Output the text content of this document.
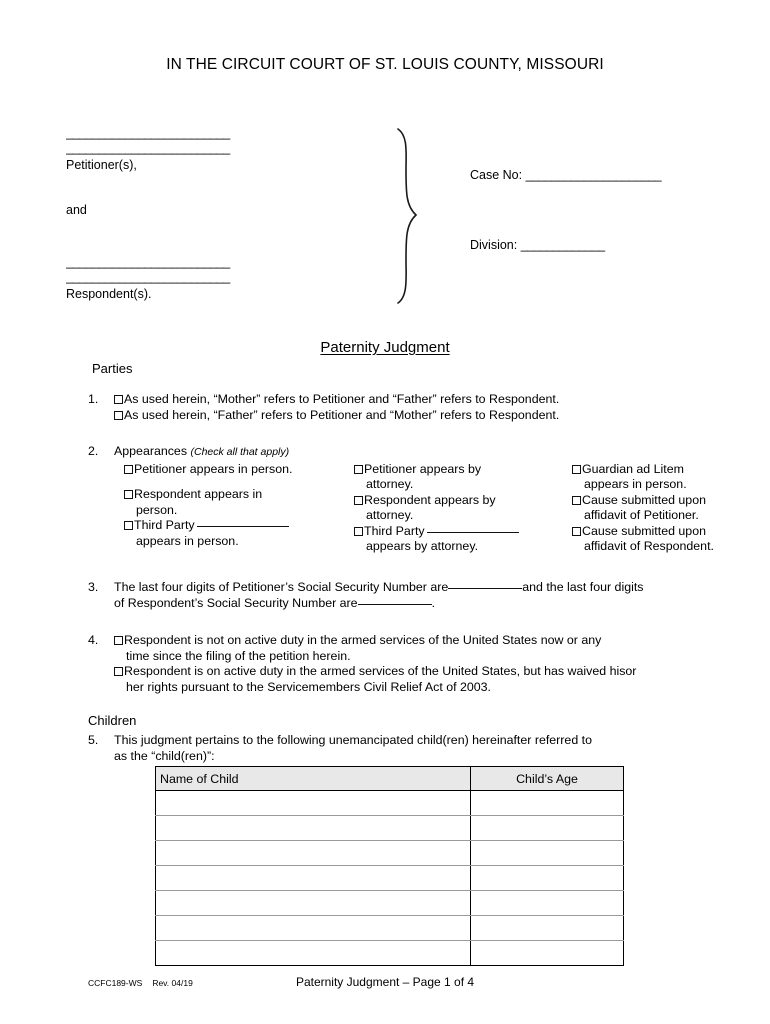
IN THE CIRCUIT COURT OF ST. LOUIS COUNTY, MISSOURI
_________________________
_________________________
Petitioner(s),
and
_________________________
_________________________
Respondent(s).
Case No: _____________________
Division: _____________
Paternity Judgment
Parties
1.	As used herein, “Mother” refers to Petitioner and “Father” refers to Respondent.
As used herein, “Father” refers to Petitioner and “Mother” refers to Respondent.
2.	Appearances (Check all that apply)
Petitioner appears in person.
Respondent appears in
person.
Third Party
appears in person.
Petitioner appears by
attorney.
Respondent appears by
attorney.
Third Party
appears by attorney.
Guardian ad Litem
appears in person.
Cause submitted upon
affidavit of Petitioner.
Cause submitted upon
affidavit of Respondent.
3.	The last four digits of Petitioner’s Social Security Number are	and the last four digits
of Respondent’s Social Security Number are	.
4.	Respondent is not on active duty in the armed services of the United States now or any
time since the filing of the petition herein.
Respondent is on active duty in the armed services of the United States, but has waived hisor
her rights pursuant to the Servicemembers Civil Relief Act of 2003.
Children
5.	This judgment pertains to the following unemancipated child(ren) hereinafter referred to
as the “child(ren)”:
Name of Child	Child’s Age

CCFC189-WS Rev. 04/19	Paternity Judgment – Page 1 of 4
